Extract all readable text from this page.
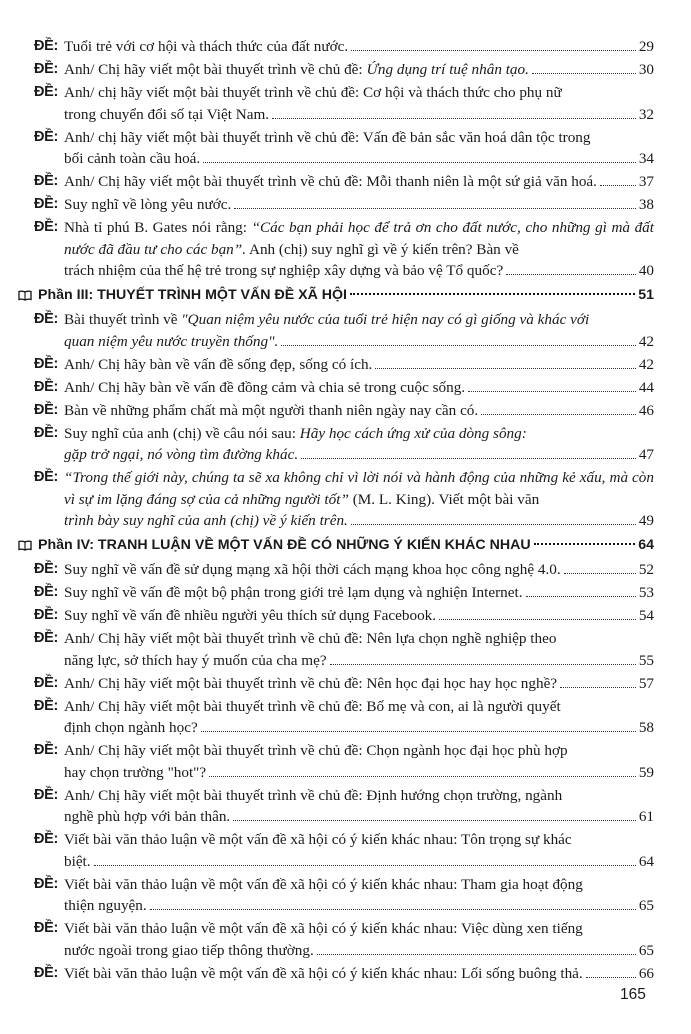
ĐỀ : Tuổi trẻ với cơ hội và thách thức của đất nước.	29
ĐỀ : Anh/ Chị hãy viết một bài thuyết trình về chủ đề: Ứng dụng trí tuệ nhân tạo.	30
ĐỀ : Anh/ chị hãy viết một bài thuyết trình về chủ đề: Cơ hội và thách thức cho phụ nữ
trong chuyển đổi số tại Việt Nam.	32
ĐỀ : Anh/ chị hãy viết một bài thuyết trình về chủ đề: Vấn đề bản sắc văn hoá dân tộc trong
bối cảnh toàn cầu hoá.	34
ĐỀ : Anh/ Chị hãy viết một bài thuyết trình về chủ đề: Mỗi thanh niên là một sứ giả văn hoá.	37
ĐỀ : Suy nghĩ về lòng yêu nước.	38
ĐỀ : Nhà tỉ phú B. Gates nói rằng: “Các bạn phải học để trả ơn cho đất nước, cho những gì mà đất nước đã đầu tư cho các bạn”. Anh (chị) suy nghĩ gì về ý kiến trên? Bàn về
trách nhiệm của thế hệ trẻ trong sự nghiệp xây dựng và bảo vệ Tổ quốc?	40
Phần III: THUYẾT TRÌNH MỘT VẤN ĐỀ XÃ HỘI	51
ĐỀ : Bài thuyết trình về "Quan niệm yêu nước của tuổi trẻ hiện nay có gì giống và khác với
quan niệm yêu nước truyền thống".	42
ĐỀ : Anh/ Chị hãy bàn về vấn đề sống đẹp, sống có ích.	42
ĐỀ : Anh/ Chị hãy bàn về vấn đề đồng cảm và chia sẻ trong cuộc sống.	44
ĐỀ : Bàn về những phẩm chất mà một người thanh niên ngày nay cần có.	46
ĐỀ : Suy nghĩ của anh (chị) về câu nói sau: Hãy học cách ứng xử của dòng sông:
gặp trở ngại, nó vòng tìm đường khác.	47
ĐỀ : “Trong thế giới này, chúng ta sẽ xa không chỉ vì lời nói và hành động của những kẻ xấu, mà còn vì sự im lặng đáng sợ của cả những người tốt” (M. L. King). Viết một bài văn
trình bày suy nghĩ của anh (chị) về ý kiến trên.	49
Phần IV: TRANH LUẬN VỀ MỘT VẤN ĐỀ CÓ NHỮNG Ý KIẾN KHÁC NHAU	64
ĐỀ : Suy nghĩ về vấn đề sử dụng mạng xã hội thời cách mạng khoa học công nghệ 4.0.	52
ĐỀ : Suy nghĩ về vấn đề một bộ phận trong giới trẻ lạm dụng và nghiện Internet.	53
ĐỀ : Suy nghĩ về vấn đề nhiều người yêu thích sử dụng Facebook.	54
ĐỀ : Anh/ Chị hãy viết một bài thuyết trình về chủ đề: Nên lựa chọn nghề nghiệp theo
năng lực, sở thích hay ý muốn của cha mẹ?	55
ĐỀ : Anh/ Chị hãy viết một bài thuyết trình về chủ đề: Nên học đại học hay học nghề?	57
ĐỀ : Anh/ Chị hãy viết một bài thuyết trình về chủ đề: Bố mẹ và con, ai là người quyết
định chọn ngành học?	58
ĐỀ : Anh/ Chị hãy viết một bài thuyết trình về chủ đề: Chọn ngành học đại học phù hợp
hay chọn trường "hot"?	59
ĐỀ : Anh/ Chị hãy viết một bài thuyết trình về chủ đề: Định hướng chọn trường, ngành
nghề phù hợp với bản thân.	61
ĐỀ : Viết bài văn thảo luận về một vấn đề xã hội có ý kiến khác nhau: Tôn trọng sự khác
biệt.	64
ĐỀ : Viết bài văn thảo luận về một vấn đề xã hội có ý kiến khác nhau: Tham gia hoạt động
thiện nguyện.	65
ĐỀ : Viết bài văn thảo luận về một vấn đề xã hội có ý kiến khác nhau: Việc dùng xen tiếng
nước ngoài trong giao tiếp thông thường.	65
ĐỀ : Viết bài văn thảo luận về một vấn đề xã hội có ý kiến khác nhau: Lối sống buông thả.	66
165
